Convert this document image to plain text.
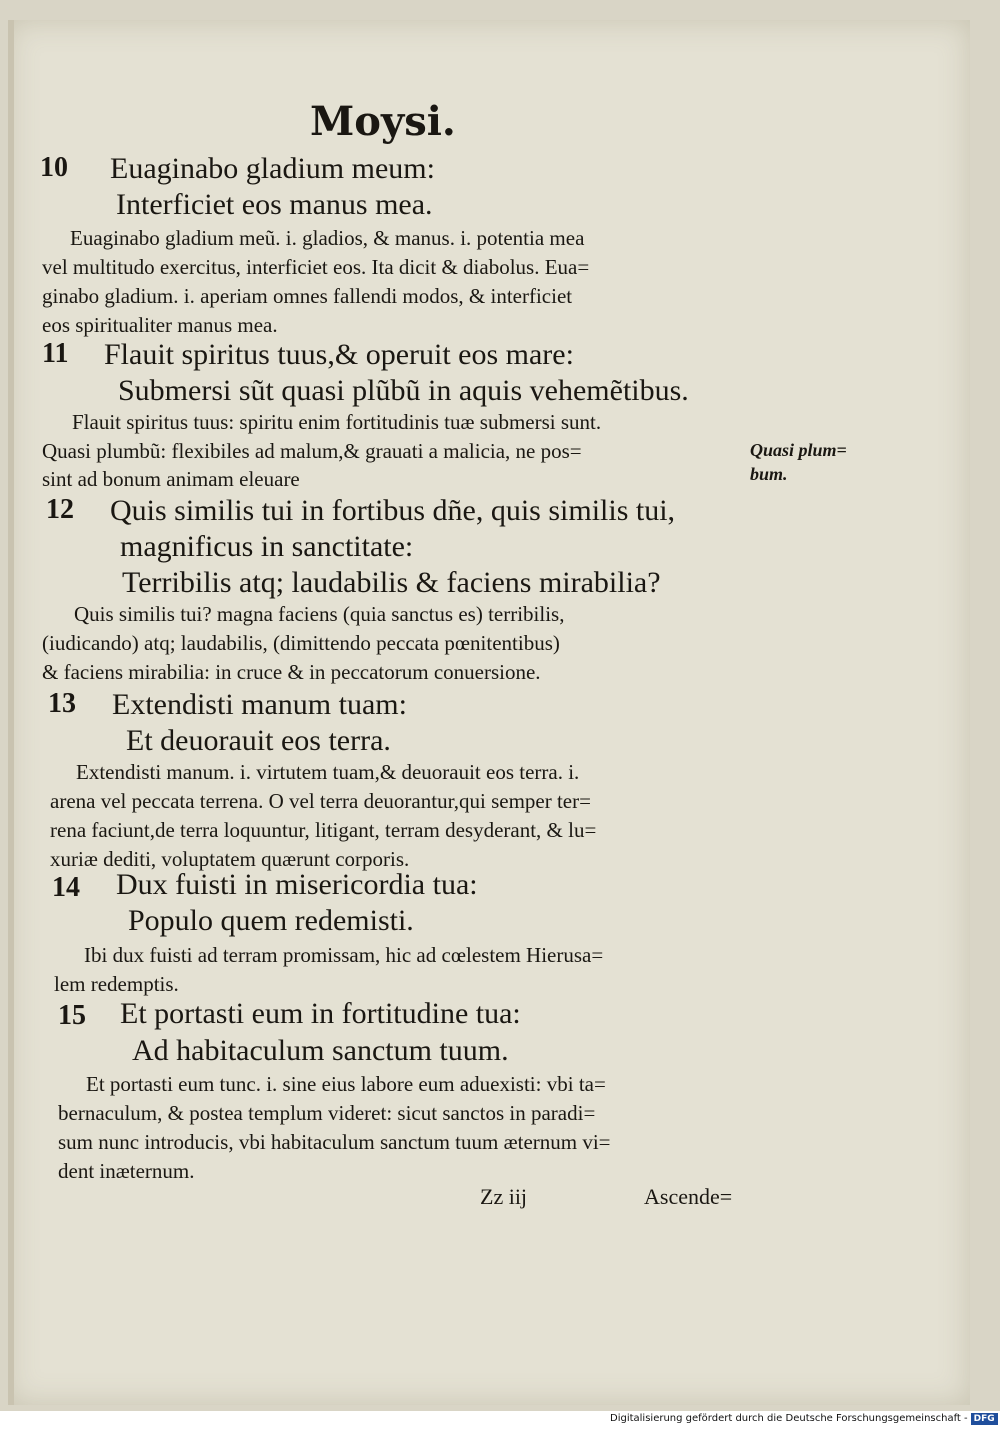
Moysi.
10 Euaginabo gladium meum:
Interficiet eos manus mea.
Euaginabo gladium meũ. i. gladios, & manus. i. potentia mea
vel multitudo exercitus, interficiet eos. Ita dicit & diabolus. Eua=
ginabo gladium. i. aperiam omnes fallendi modos, & interficiet
eos spiritualiter manus mea.
11 Flauit spiritus tuus,& operuit eos mare:
Submersi sũt quasi plũbũ in aquis vehemẽtibus.
Flauit spiritus tuus: spiritu enim fortitudinis tuæ submersi sunt.
Quasi plumbũ: flexibiles ad malum,& grauati a malicia, ne pos=
sint ad bonum animam eleuare
Quasi plum=
bum.
12 Quis similis tui in fortibus dñe, quis similis tui,
magnificus in sanctitate:
Terribilis atq; laudabilis & faciens mirabilia?
Quis similis tui? magna faciens (quia sanctus es) terribilis,
(iudicando) atq; laudabilis, (dimittendo peccata pœnitentibus)
& faciens mirabilia: in cruce & in peccatorum conuersione.
13 Extendisti manum tuam:
Et deuorauit eos terra.
Extendisti manum. i. virtutem tuam,& deuorauit eos terra. i.
arena vel peccata terrena. O vel terra deuorantur,qui semper ter=
rena faciunt,de terra loquuntur, litigant, terram desyderant, & lu=
xuriæ dediti, voluptatem quærunt corporis.
14 Dux fuisti in misericordia tua:
Populo quem redemisti.
Ibi dux fuisti ad terram promissam, hic ad cœlestem Hierusa=
lem redemptis.
15 Et portasti eum in fortitudine tua:
Ad habitaculum sanctum tuum.
Et portasti eum tunc. i. sine eius labore eum aduexisti: vbi ta=
bernaculum, & postea templum videret: sicut sanctos in paradi=
sum nunc introducis, vbi habitaculum sanctum tuum æternum vi=
dent inæternum.
Zz iij	Ascende=
Digitalisierung gefördert durch die Deutsche Forschungsgemeinschaft - DFG
